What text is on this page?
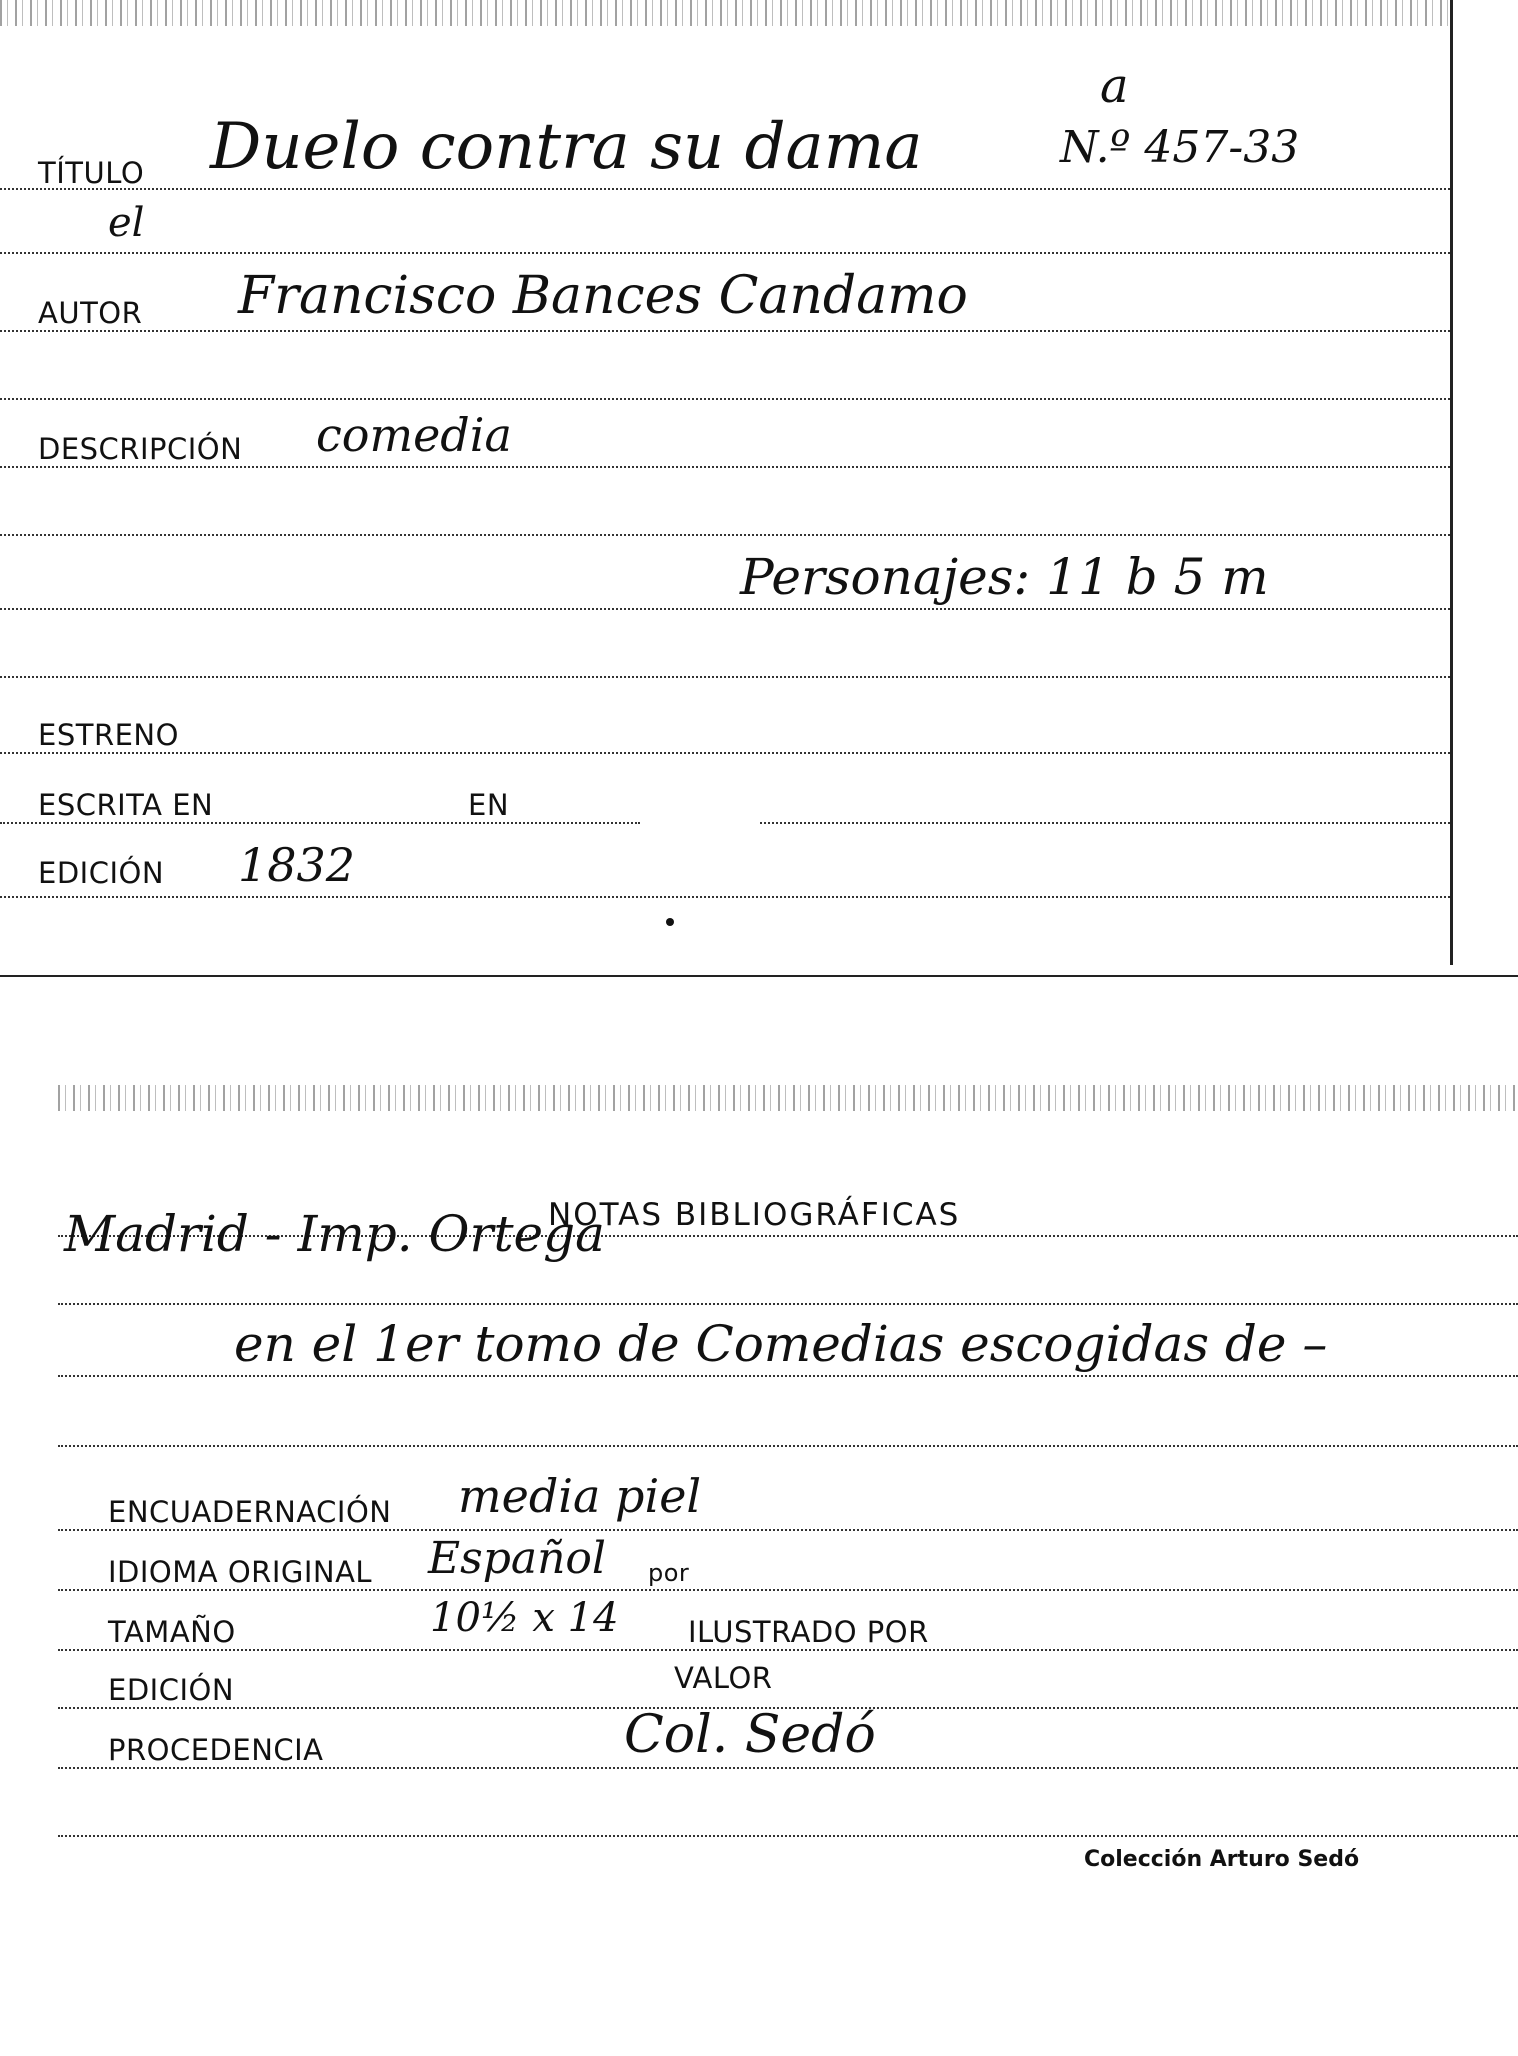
TÍTULO Duelo contra su dama	N.º 457-33
a
el
AUTOR Francisco Bances Candamo
DESCRIPCIÓN comedia
Personajes: 11 b 5 m
ESTRENO
ESCRITA EN	EN
EDICIÓN 1832
NOTAS BIBLIOGRÁFICAS
Madrid - Imp. Ortega
en el 1er tomo de Comedias escogidas de –
ENCUADERNACIÓN media piel
IDIOMA ORIGINAL Español por
TAMAÑO	10½ x 14 ILUSTRADO POR
EDICIÓN	VALOR
PROCEDENCIA	Col. Sedó
Colección Arturo Sedó
